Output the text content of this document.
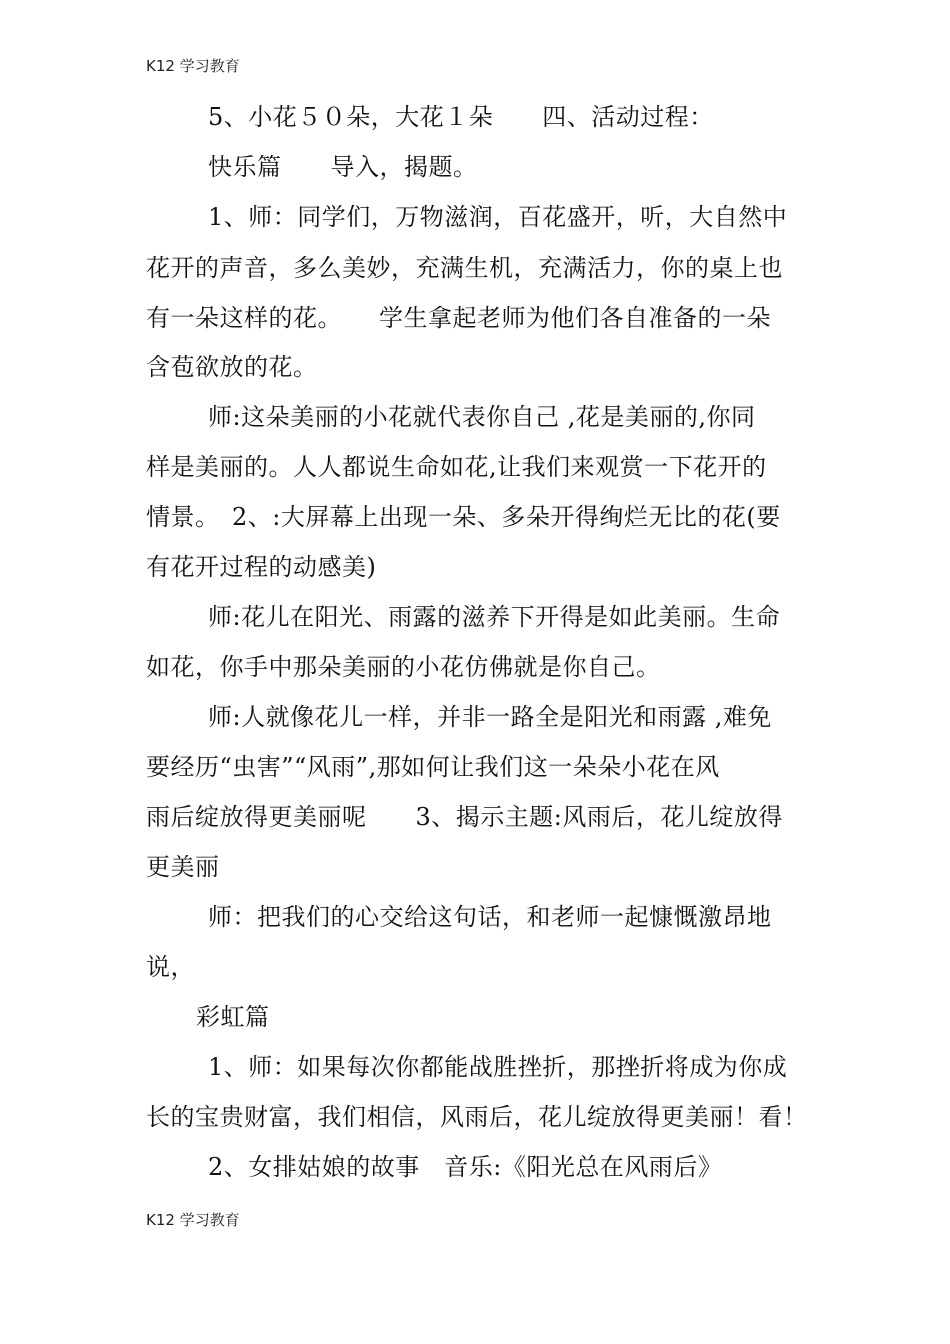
K12 学习教育
5、小花５０朵，大花１朵　　四、活动过程：
快乐篇　　导入，揭题。
1、师：同学们，万物滋润，百花盛开，听，大自然中
花开的声音，多么美妙，充满生机，充满活力，你的桌上也
有一朵这样的花。　　学生拿起老师为他们各自准备的一朵
含苞欲放的花。
师:这朵美丽的小花就代表你自己 ,花是美丽的,你同
样是美丽的。人人都说生命如花,让我们来观赏一下花开的
情景。　2、:大屏幕上出现一朵、多朵开得绚烂无比的花(要
有花开过程的动感美)
师:花儿在阳光、雨露的滋养下开得是如此美丽。生命
如花，你手中那朵美丽的小花仿佛就是你自己。
师:人就像花儿一样，并非一路全是阳光和雨露 ,难免
要经历“虫害”“风雨”,那如何让我们这一朵朵小花在风
雨后绽放得更美丽呢　　3、揭示主题:风雨后，花儿绽放得
更美丽
师：把我们的心交给这句话，和老师一起慷慨激昂地
说，
彩虹篇
1、师：如果每次你都能战胜挫折，那挫折将成为你成
长的宝贵财富，我们相信，风雨后，花儿绽放得更美丽！看！
2、女排姑娘的故事　音乐:《阳光总在风雨后》
K12 学习教育
